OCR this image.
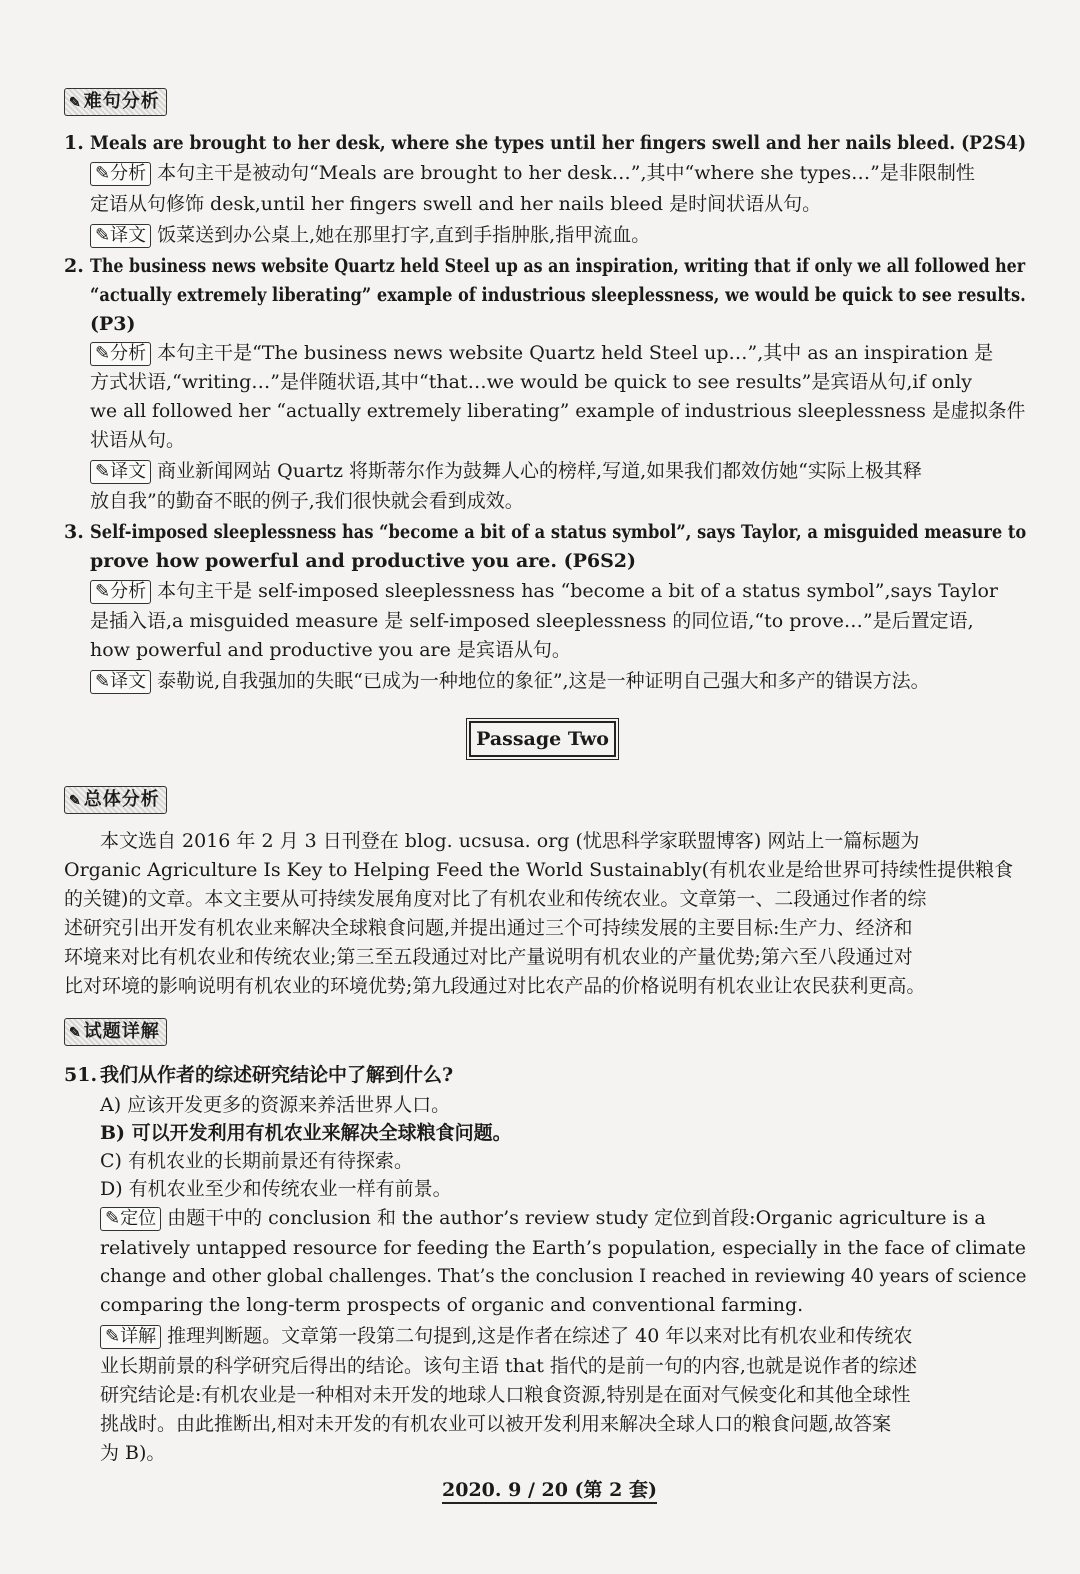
✎ 难句分析
1. Meals are brought to her desk, where she types until her fingers swell and her nails bleed. (P2S4)
✎分析 本句主干是被动句“Meals are brought to her desk…”,其中“where she types…”是非限制性
定语从句修饰 desk,until her fingers swell and her nails bleed 是时间状语从句。
✎译文 饭菜送到办公桌上,她在那里打字,直到手指肿胀,指甲流血。
2. The business news website Quartz held Steel up as an inspiration, writing that if only we all followed her
“actually extremely liberating” example of industrious sleeplessness, we would be quick to see results.
(P3)
✎分析 本句主干是“The business news website Quartz held Steel up…”,其中 as an inspiration 是
方式状语,“writing…”是伴随状语,其中“that…we would be quick to see results”是宾语从句,if only
we all followed her “actually extremely liberating” example of industrious sleeplessness 是虚拟条件
状语从句。
✎译文 商业新闻网站 Quartz 将斯蒂尔作为鼓舞人心的榜样,写道,如果我们都效仿她“实际上极其释
放自我”的勤奋不眠的例子,我们很快就会看到成效。
3. Self-imposed sleeplessness has “become a bit of a status symbol”, says Taylor, a misguided measure to
prove how powerful and productive you are. (P6S2)
✎分析 本句主干是 self-imposed sleeplessness has “become a bit of a status symbol”,says Taylor
是插入语,a misguided measure 是 self-imposed sleeplessness 的同位语,“to prove…”是后置定语,
how powerful and productive you are 是宾语从句。
✎译文 泰勒说,自我强加的失眠“已成为一种地位的象征”,这是一种证明自己强大和多产的错误方法。
Passage Two
✎ 总体分析
本文选自 2016 年 2 月 3 日刊登在 blog. ucsusa. org (忧思科学家联盟博客) 网站上一篇标题为
Organic Agriculture Is Key to Helping Feed the World Sustainably(有机农业是给世界可持续性提供粮食
的关键)的文章。本文主要从可持续发展角度对比了有机农业和传统农业。文章第一、二段通过作者的综
述研究引出开发有机农业来解决全球粮食问题,并提出通过三个可持续发展的主要目标:生产力、经济和
环境来对比有机农业和传统农业;第三至五段通过对比产量说明有机农业的产量优势;第六至八段通过对
比对环境的影响说明有机农业的环境优势;第九段通过对比农产品的价格说明有机农业让农民获利更高。
✎ 试题详解
51. 我们从作者的综述研究结论中了解到什么?
A) 应该开发更多的资源来养活世界人口。
B) 可以开发利用有机农业来解决全球粮食问题。
C) 有机农业的长期前景还有待探索。
D) 有机农业至少和传统农业一样有前景。
✎定位 由题干中的 conclusion 和 the author’s review study 定位到首段:Organic agriculture is a
relatively untapped resource for feeding the Earth’s population, especially in the face of climate
change and other global challenges. That’s the conclusion I reached in reviewing 40 years of science
comparing the long-term prospects of organic and conventional farming.
✎详解 推理判断题。文章第一段第二句提到,这是作者在综述了 40 年以来对比有机农业和传统农
业长期前景的科学研究后得出的结论。该句主语 that 指代的是前一句的内容,也就是说作者的综述
研究结论是:有机农业是一种相对未开发的地球人口粮食资源,特别是在面对气候变化和其他全球性
挑战时。由此推断出,相对未开发的有机农业可以被开发利用来解决全球人口的粮食问题,故答案
为 B)。
2020. 9 / 20 (第 2 套)
